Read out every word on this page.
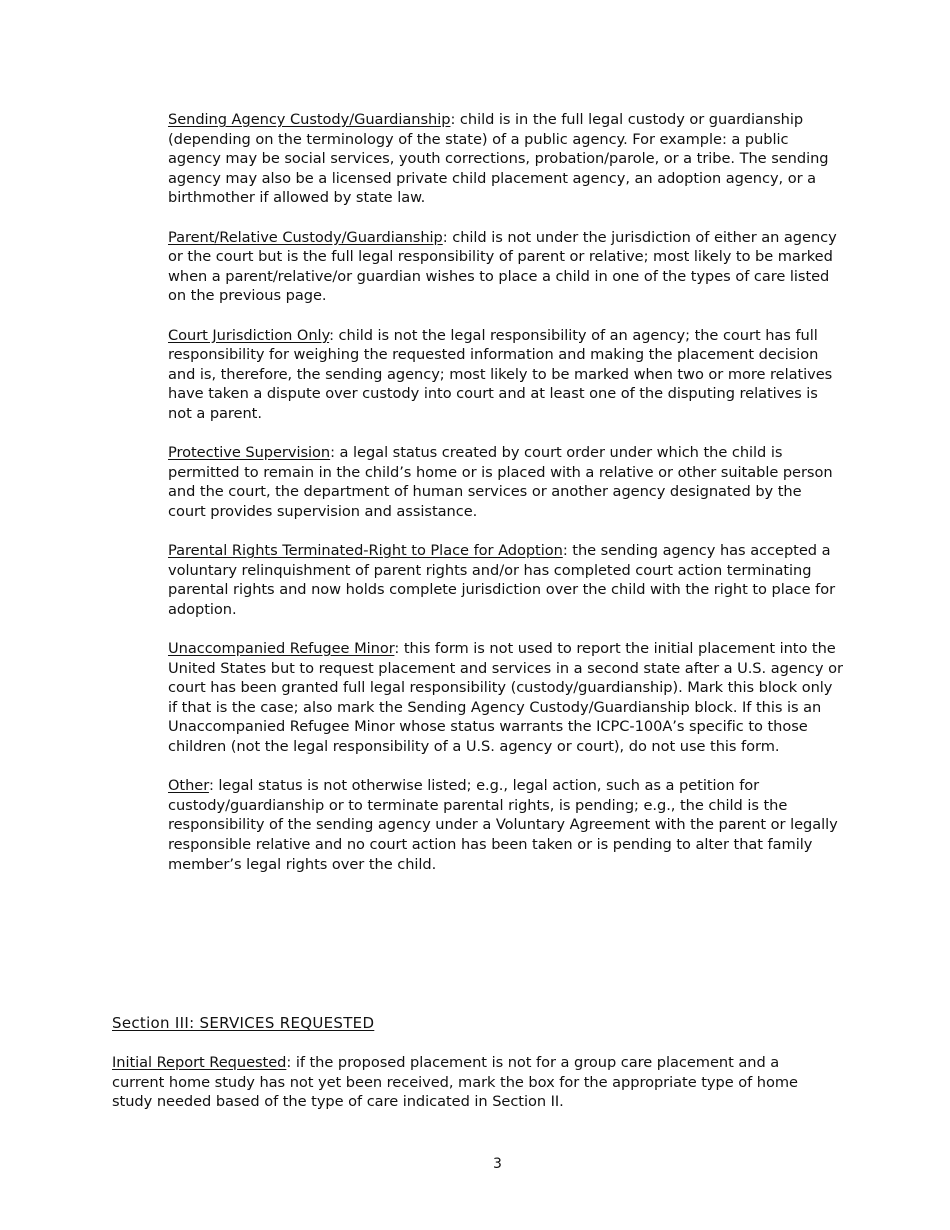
Sending Agency Custody/Guardianship: child is in the full legal custody or guardianship (depending on the terminology of the state) of a public agency. For example: a public agency may be social services, youth corrections, probation/parole, or a tribe. The sending agency may also be a licensed private child placement agency, an adoption agency, or a birthmother if allowed by state law.

Parent/Relative Custody/Guardianship: child is not under the jurisdiction of either an agency or the court but is the full legal responsibility of parent or relative; most likely to be marked when a parent/relative/or guardian wishes to place a child in one of the types of care listed on the previous page.

Court Jurisdiction Only: child is not the legal responsibility of an agency; the court has full responsibility for weighing the requested information and making the placement decision and is, therefore, the sending agency; most likely to be marked when two or more relatives have taken a dispute over custody into court and at least one of the disputing relatives is not a parent.

Protective Supervision: a legal status created by court order under which the child is permitted to remain in the child’s home or is placed with a relative or other suitable person and the court, the department of human services or another agency designated by the court provides supervision and assistance.

Parental Rights Terminated-Right to Place for Adoption: the sending agency has accepted a voluntary relinquishment of parent rights and/or has completed court action terminating parental rights and now holds complete jurisdiction over the child with the right to place for adoption.

Unaccompanied Refugee Minor: this form is not used to report the initial placement into the United States but to request placement and services in a second state after a U.S. agency or court has been granted full legal responsibility (custody/guardianship). Mark this block only if that is the case; also mark the Sending Agency Custody/Guardianship block. If this is an Unaccompanied Refugee Minor whose status warrants the ICPC-100A’s specific to those children (not the legal responsibility of a U.S. agency or court), do not use this form.

Other: legal status is not otherwise listed; e.g., legal action, such as a petition for custody/guardianship or to terminate parental rights, is pending; e.g., the child is the responsibility of the sending agency under a Voluntary Agreement with the parent or legally responsible relative and no court action has been taken or is pending to alter that family member’s legal rights over the child.

Section III: SERVICES REQUESTED

Initial Report Requested: if the proposed placement is not for a group care placement and a current home study has not yet been received, mark the box for the appropriate type of home study needed based of the type of care indicated in Section II.

3
